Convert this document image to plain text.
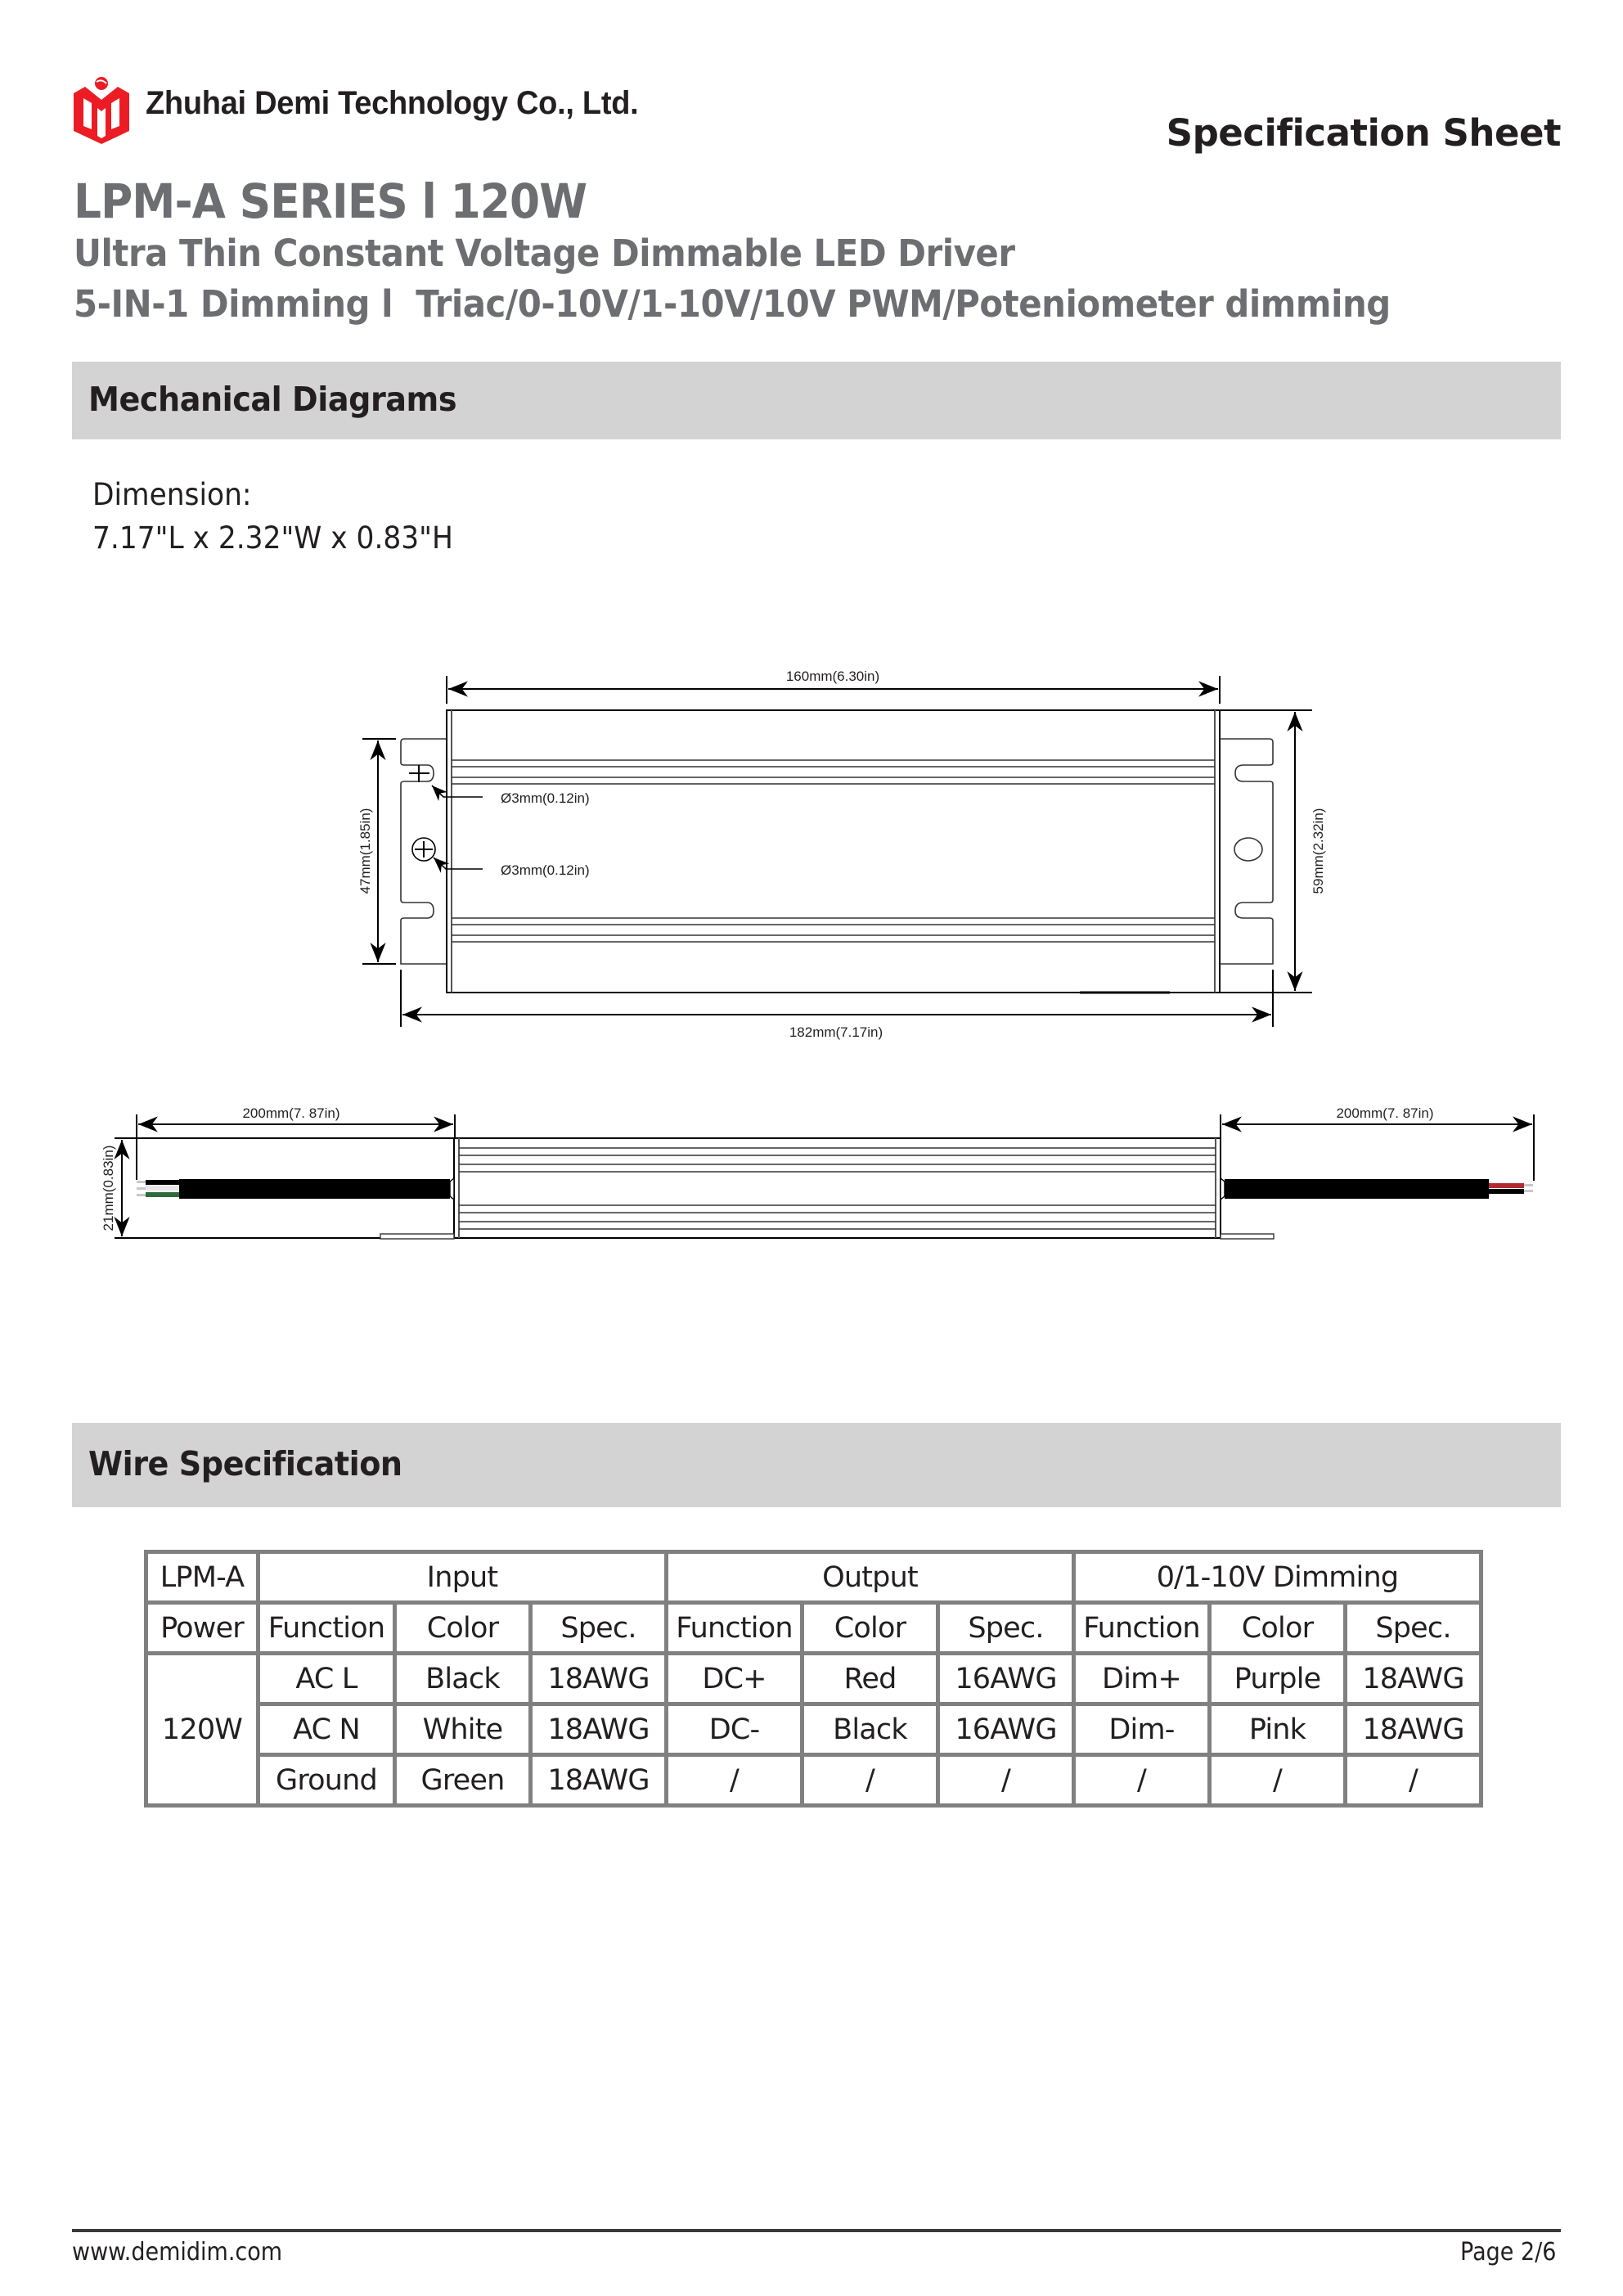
Zhuhai Demi Technology Co., Ltd.
Specification Sheet
LPM-A SERIES l 120W
Ultra Thin Constant Voltage Dimmable LED Driver
5-IN-1 Dimming l  Triac/0-10V/1-10V/10V PWM/Poteniometer dimming
Mechanical Diagrams
Dimension:
7.17"L x 2.32"W x 0.83"H
160mm(6.30in)
182mm(7.17in)
47mm(1.85in)	59mm(2.32in)
Ø3mm(0.12in)
Ø3mm(0.12in)
200mm(7. 87in)	200mm(7. 87in)
21mm(0.83in)
Wire Specification
LPM-A	Input			Output			0/1-10V Dimming		
Power	Function	Color	Spec.	Function	Color	Spec.	Function	Color	Spec.
120W	AC L	Black	18AWG	DC+	Red	16AWG	Dim+	Purple	18AWG
	AC N	White	18AWG	DC-	Black	16AWG	Dim-	Pink	18AWG
	Ground	Green	18AWG	/	/	/	/	/	/
www.demidim.com	Page 2/6
